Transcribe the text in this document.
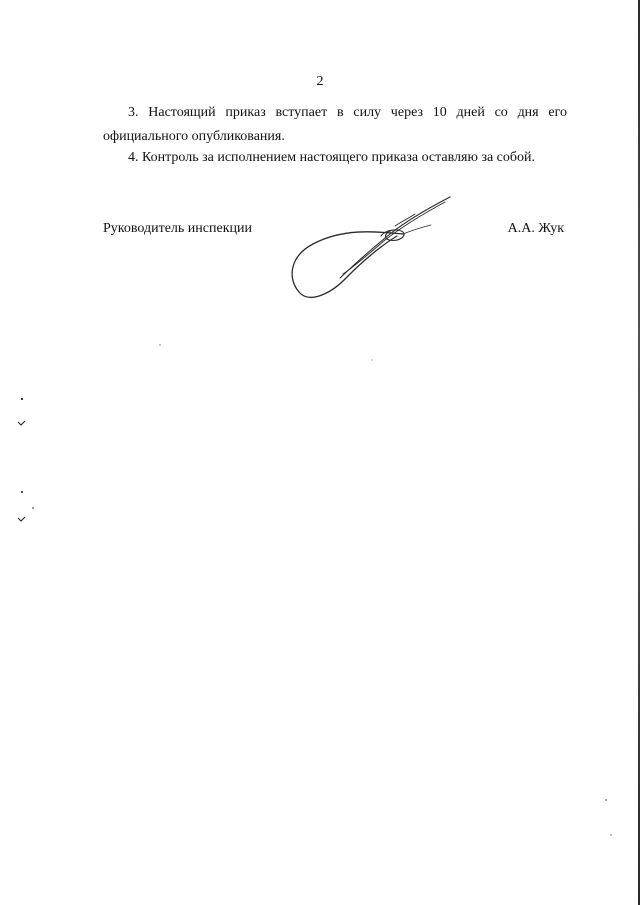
2
3. Настоящий приказ вступает в силу через 10 дней со дня его
официального опубликования.
4. Контроль за исполнением настоящего приказа оставляю за собой.
Руководитель инспекции	А.А. Жук
